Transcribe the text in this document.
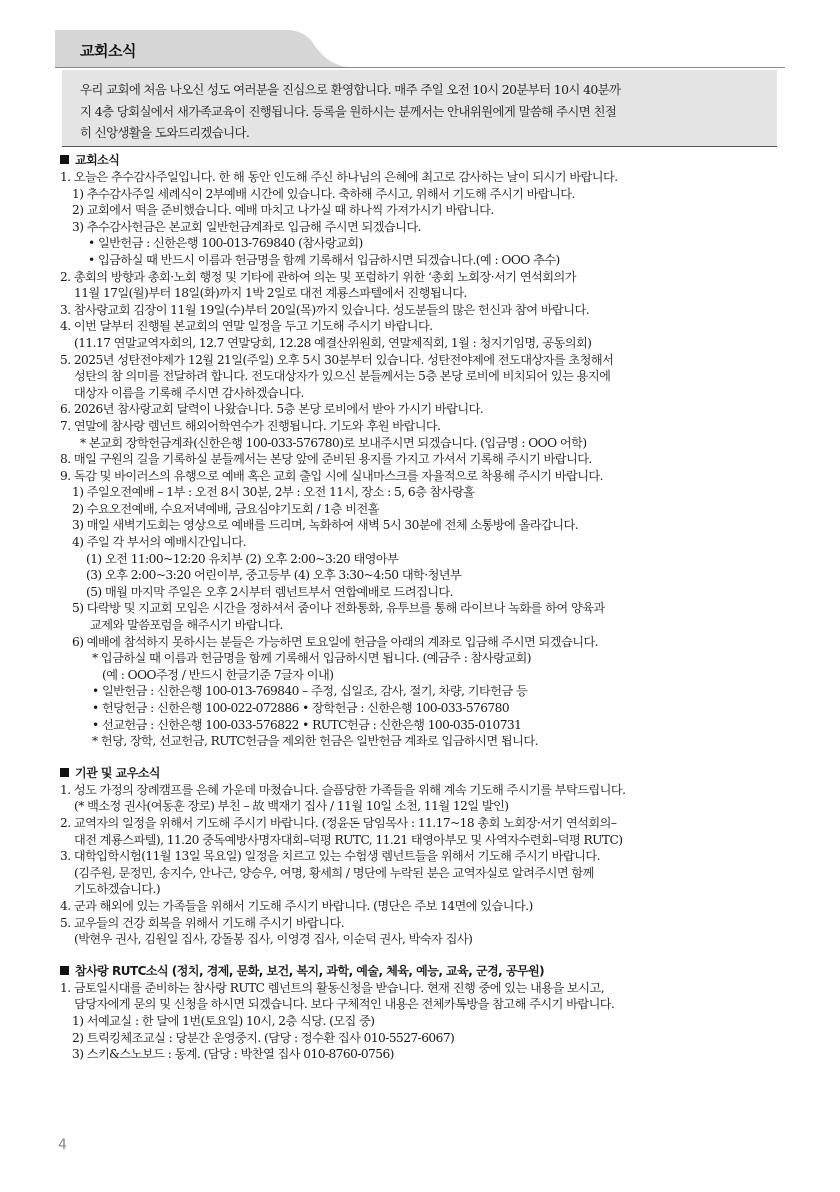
교회소식
우리 교회에 처음 나오신 성도 여러분을 진심으로 환영합니다. 매주 주일 오전 10시 20분부터 10시 40분까
지 4층 당회실에서 새가족교육이 진행됩니다. 등록을 원하시는 분께서는 안내위원에게 말씀해 주시면 친절
히 신앙생활을 도와드리겠습니다.
교회소식
1. 오늘은 추수감사주일입니다. 한 해 동안 인도해 주신 하나님의 은혜에 최고로 감사하는 날이 되시기 바랍니다.
1) 추수감사주일 세례식이 2부예배 시간에 있습니다. 축하해 주시고, 위해서 기도해 주시기 바랍니다.
2) 교회에서 떡을 준비했습니다. 예배 마치고 나가실 때 하나씩 가져가시기 바랍니다.
3) 추수감사헌금은 본교회 일반헌금계좌로 입금해 주시면 되겠습니다.
• 일반헌금 : 신한은행 100-013-769840 (참사랑교회)
• 입금하실 때 반드시 이름과 헌금명을 함께 기록해서 입금하시면 되겠습니다.(예 : OOO 추수)
2. 총회의 방향과 총회·노회 행정 및 기타에 관하여 의논 및 포럼하기 위한 ‘총회 노회장·서기 연석회의가
11월 17일(월)부터 18일(화)까지 1박 2일로 대전 계룡스파텔에서 진행됩니다.
3. 참사랑교회 김장이 11월 19일(수)부터 20일(목)까지 있습니다. 성도분들의 많은 헌신과 참여 바랍니다.
4. 이번 달부터 진행될 본교회의 연말 일정을 두고 기도해 주시기 바랍니다.
(11.17 연말교역자회의, 12.7 연말당회, 12.28 예결산위원회, 연말제직회, 1월 : 청지기임명, 공동의회)
5. 2025년 성탄전야제가 12월 21일(주일) 오후 5시 30분부터 있습니다. 성탄전야제에 전도대상자를 초청해서
성탄의 참 의미를 전달하려 합니다. 전도대상자가 있으신 분들께서는 5층 본당 로비에 비치되어 있는 용지에
대상자 이름을 기록해 주시면 감사하겠습니다.
6. 2026년 참사랑교회 달력이 나왔습니다. 5층 본당 로비에서 받아 가시기 바랍니다.
7. 연말에 참사랑 렘넌트 해외어학연수가 진행됩니다. 기도와 후원 바랍니다.
* 본교회 장학헌금계좌(신한은행 100-033-576780)로 보내주시면 되겠습니다. (입금명 : OOO 어학)
8. 매일 구원의 길을 기록하실 분들께서는 본당 앞에 준비된 용지를 가지고 가셔서 기록해 주시기 바랍니다.
9. 독감 및 바이러스의 유행으로 예배 혹은 교회 출입 시에 실내마스크를 자율적으로 착용해 주시기 바랍니다.
1) 주일오전예배 – 1부 : 오전 8시 30분, 2부 : 오전 11시, 장소 : 5, 6층 참사랑홀
2) 수요오전예배, 수요저녁예배, 금요심야기도회 / 1층 비전홀
3) 매일 새벽기도회는 영상으로 예배를 드리며, 녹화하여 새벽 5시 30분에 전체 소통방에 올라갑니다.
4) 주일 각 부서의 예배시간입니다.
(1) 오전 11:00~12:20 유치부 (2) 오후 2:00~3:20 태영아부
(3) 오후 2:00~3:20 어린이부, 중고등부 (4) 오후 3:30~4:50 대학·청년부
(5) 매월 마지막 주일은 오후 2시부터 렘넌트부서 연합예배로 드려집니다.
5) 다락방 및 지교회 모임은 시간을 정하셔서 줌이나 전화통화, 유투브를 통해 라이브나 녹화를 하여 양육과
교제와 말씀포럼을 해주시기 바랍니다.
6) 예배에 참석하지 못하시는 분들은 가능하면 토요일에 헌금을 아래의 계좌로 입금해 주시면 되겠습니다.
* 입금하실 때 이름과 헌금명을 함께 기록해서 입금하시면 됩니다. (예금주 : 참사랑교회)
(예 : OOO주정 / 반드시 한글기준 7글자 이내)
• 일반헌금 : 신한은행 100-013-769840 – 주정, 십일조, 감사, 절기, 차량, 기타헌금 등
• 헌당헌금 : 신한은행 100-022-072886 • 장학헌금 : 신한은행 100-033-576780
• 선교헌금 : 신한은행 100-033-576822 • RUTC헌금 : 신한은행 100-035-010731
* 헌당, 장학, 선교헌금, RUTC헌금을 제외한 헌금은 일반헌금 계좌로 입금하시면 됩니다.
기관 및 교우소식
1. 성도 가정의 장례캠프를 은혜 가운데 마쳤습니다. 슬픔당한 가족들을 위해 계속 기도해 주시기를 부탁드립니다.
(* 백소정 권사(여동훈 장로) 부친 – 故 백재기 집사 / 11월 10일 소천, 11월 12일 발인)
2. 교역자의 일정을 위해서 기도해 주시기 바랍니다. (정윤돈 담임목사 : 11.17~18 총회 노회장·서기 연석회의–
대전 계룡스파텔), 11.20 중독예방사명자대회–덕평 RUTC, 11.21 태영아부모 및 사역자수련회–덕평 RUTC)
3. 대학입학시험(11월 13일 목요일) 일정을 치르고 있는 수험생 렘넌트들을 위해서 기도해 주시기 바랍니다.
(김주원, 문정민, 송지수, 안나근, 양승우, 여명, 황세희 / 명단에 누락된 분은 교역자실로 알려주시면 함께
기도하겠습니다.)
4. 군과 해외에 있는 가족들을 위해서 기도해 주시기 바랍니다. (명단은 주보 14면에 있습니다.)
5. 교우들의 건강 회복을 위해서 기도해 주시기 바랍니다.
(박현우 권사, 김원일 집사, 강돌봉 집사, 이영경 집사, 이순덕 권사, 박숙자 집사)
참사랑 RUTC소식 (정치, 경제, 문화, 보건, 복지, 과학, 예술, 체육, 예능, 교육, 군경, 공무원)
1. 금토일시대를 준비하는 참사랑 RUTC 렘넌트의 활동신청을 받습니다. 현재 진행 중에 있는 내용을 보시고,
담당자에게 문의 및 신청을 하시면 되겠습니다. 보다 구체적인 내용은 전체카톡방을 참고해 주시기 바랍니다.
1) 서예교실 : 한 달에 1번(토요일) 10시, 2층 식당. (모집 중)
2) 트릭킹체조교실 : 당분간 운영중지. (담당 : 정수환 집사 010-5527-6067)
3) 스키&스노보드 : 동계. (담당 : 박찬열 집사 010-8760-0756)
4
